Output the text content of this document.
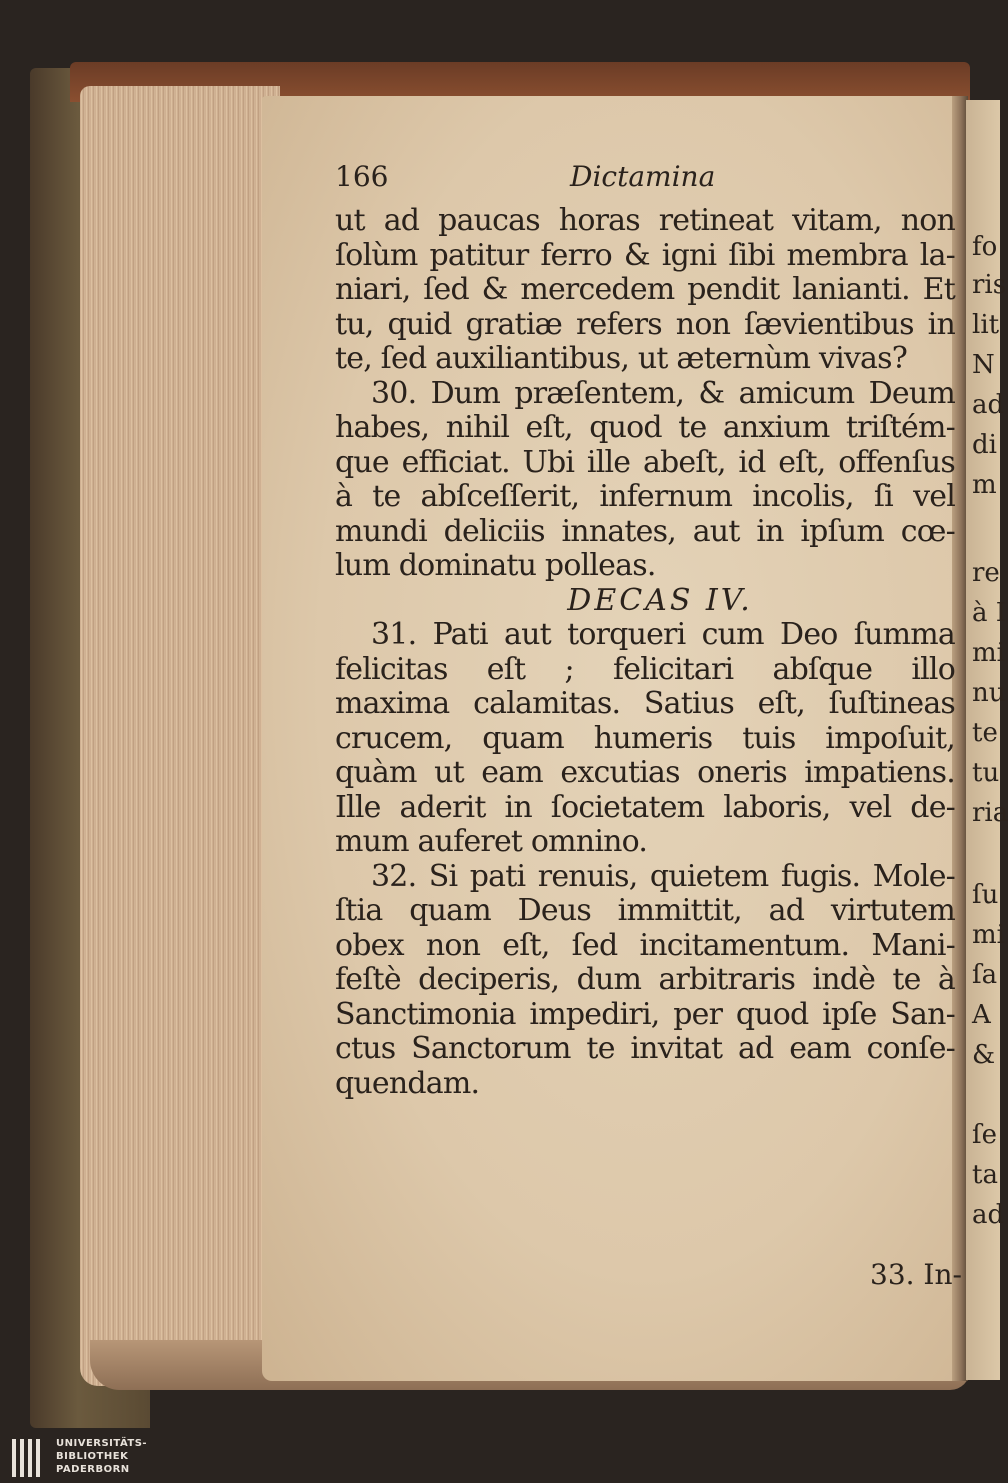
166	Dictamina
ut ad paucas horas retineat vitam, non
ſolùm patitur ferro & igni ſibi membra la-
niari, ſed & mercedem pendit lanianti. Et
tu, quid gratiæ refers non ſævientibus in
te, ſed auxiliantibus, ut æternùm vivas?
30. Dum præſentem, & amicum Deum
habes, nihil eſt, quod te anxium triſtém-
que efficiat. Ubi ille abeſt, id eſt, offenſus
à te abſceſſerit, infernum incolis, ſi vel
mundi deliciis innates, aut in ipſum cœ-
lum dominatu polleas.
DECAS IV.
31. Pati aut torqueri cum Deo ſumma
felicitas eſt ; felicitari abſque illo
maxima calamitas. Satius eſt, ſuſtineas
crucem, quam humeris tuis impoſuit,
quàm ut eam excutias oneris impatiens.
Ille aderit in ſocietatem laboris, vel de-
mum auferet omnino.
32. Si pati renuis, quietem fugis. Mole-
ſtia quam Deus immittit, ad virtutem
obex non eſt, ſed incitamentum. Mani-
feſtè deciperis, dum arbitraris indè te à
Sanctimonia impediri, per quod ipſe San-
ctus Sanctorum te invitat ad eam conſe-
quendam.
33. In-
fo
ris
lit
N
ad
di
m
re
à I
mi
nu
te
tu
ria
ſu
mi
ſa
A
&
ſe
ta
ad
UNIVERSITÄTS-
BIBLIOTHEK
PADERBORN
